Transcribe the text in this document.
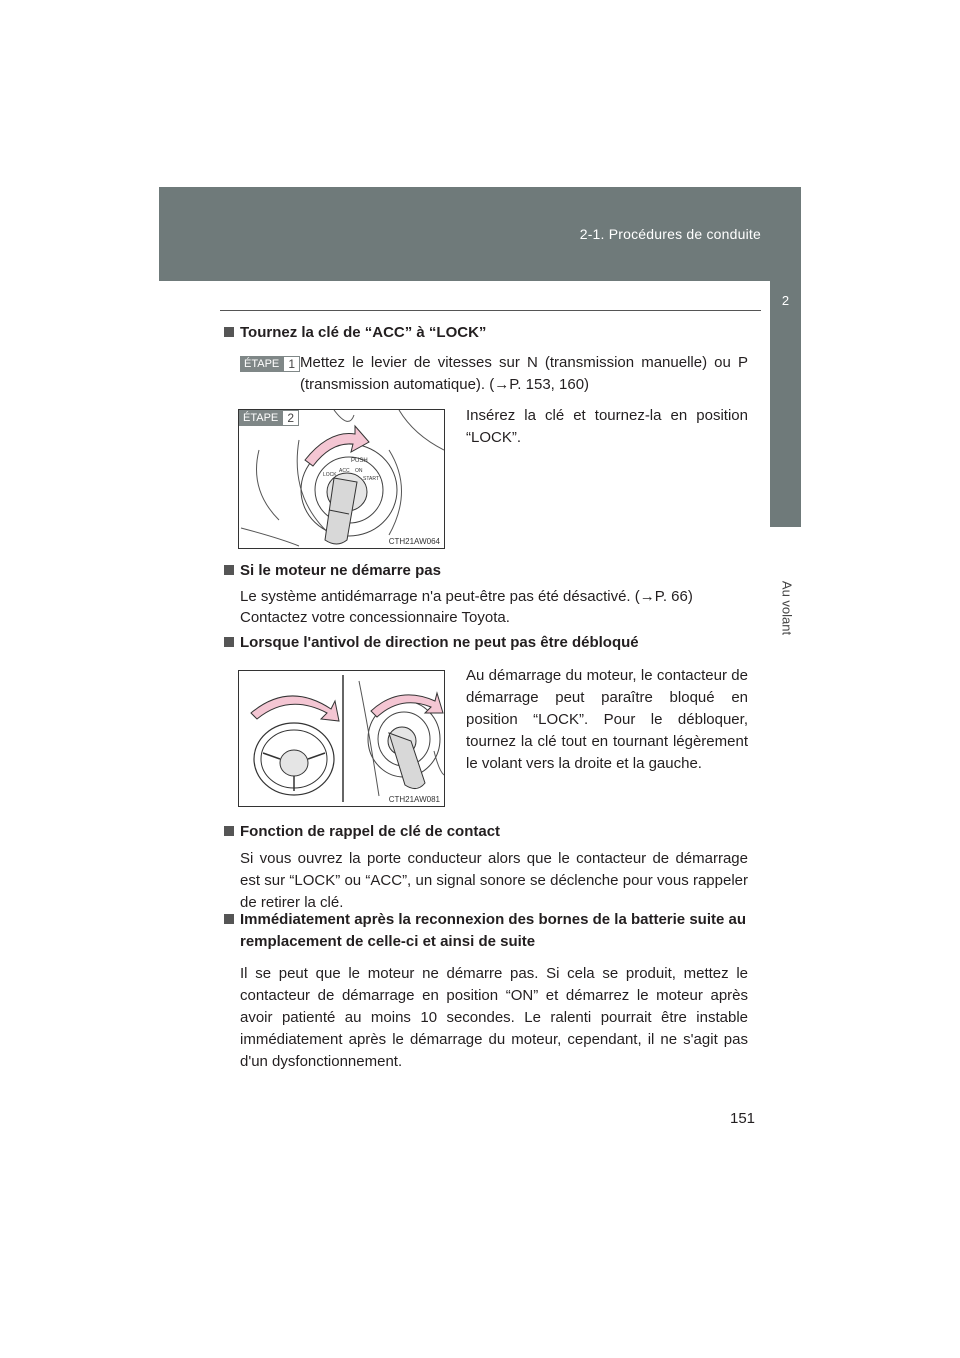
2-1. Procédures de conduite
2
Au volant
Tournez la clé de “ACC” à “LOCK”
ÉTAPE 1 Mettez le levier de vitesses sur N (transmission manuelle) ou P
(transmission automatique). (→P. 153, 160)
PUSH
ACC
LOCK
ON
START
ÉTAPE 2
CTH21AW064
Insérez la clé et tournez-la en position “LOCK”.
Si le moteur ne démarre pas
Le système antidémarrage n'a peut-être pas été désactivé. (→P. 66)
Contactez votre concessionnaire Toyota.
Lorsque l'antivol de direction ne peut pas être débloqué
CTH21AW081
Au démarrage du moteur, le contacteur de démarrage peut paraître bloqué en position “LOCK”. Pour le débloquer, tournez la clé tout en tournant légèrement le volant vers la droite et la gauche.
Fonction de rappel de clé de contact
Si vous ouvrez la porte conducteur alors que le contacteur de démarrage est sur “LOCK” ou “ACC”, un signal sonore se déclenche pour vous rappeler de retirer la clé.
Immédiatement après la reconnexion des bornes de la batterie suite au
remplacement de celle-ci et ainsi de suite
Il se peut que le moteur ne démarre pas. Si cela se produit, mettez le contacteur de démarrage en position “ON” et démarrez le moteur après avoir patienté au moins 10 secondes. Le ralenti pourrait être instable immédiatement après le démarrage du moteur, cependant, il ne s'agit pas d'un dysfonctionnement.
151
